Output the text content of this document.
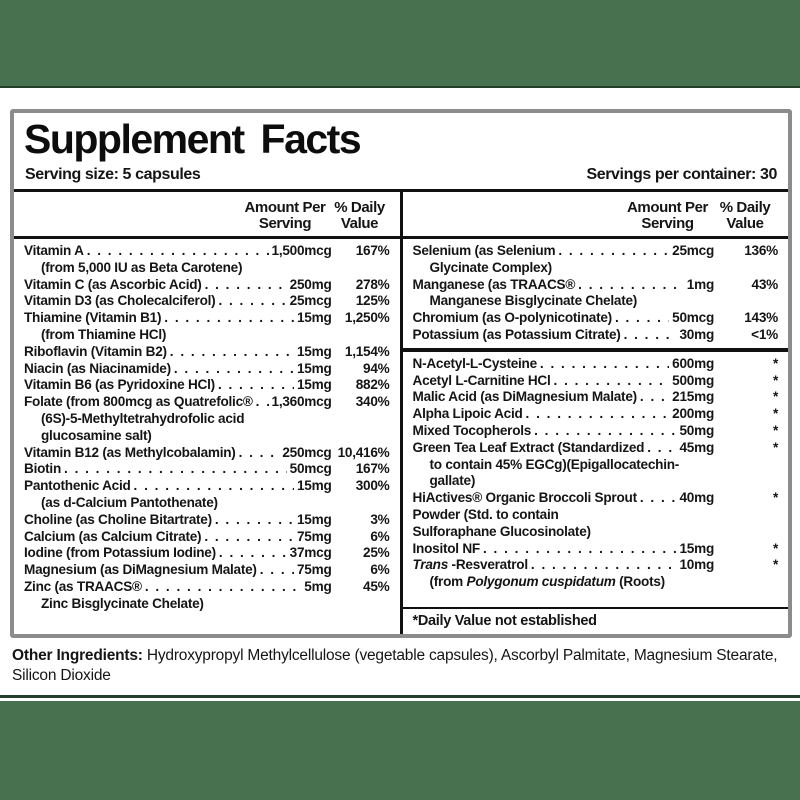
Supplement Facts
Serving size: 5 capsules	Servings per container: 30
Amount Per
Serving
% Daily
Value
Vitamin A . . .	1,500mcg	167%
(from 5,000 IU as Beta Carotene)
Vitamin C (as Ascorbic Acid) . . .	250mg	278%
Vitamin D3 (as Cholecalciferol) . . .	25mcg	125%
Thiamine (Vitamin B1) . . .	15mg 1,250%
(from Thiamine HCl)
Riboflavin (Vitamin B2) . . .	15mg 1,154%
Niacin (as Niacinamide) . . .	15mg	94%
Vitamin B6 (as Pyridoxine HCl) . . .	15mg	882%
Folate (from 800mcg as Quatrefolic® . . . 1,360mcg	340%
(6S)-5-Methyltetrahydrofolic acid
glucosamine salt)
Vitamin B12 (as Methylcobalamin) . . .	250mcg 10,416%
Biotin . . .	50mcg	167%
Pantothenic Acid . . .	15mg	300%
(as d-Calcium Pantothenate)
Choline (as Choline Bitartrate) . . .	15mg	3%
Calcium (as Calcium Citrate) . . .	75mg	6%
Iodine (from Potassium Iodine) . . .	37mcg	25%
Magnesium (as DiMagnesium Malate) . . .	75mg	6%
Zinc (as TRAACS® . . .	5mg	45%
Zinc Bisglycinate Chelate)
Amount Per
Serving
% Daily
Value
Selenium (as Selenium . . .	25mcg	136%
Glycinate Complex)
Manganese (as TRAACS® . . .	1mg	43%
Manganese Bisglycinate Chelate)
Chromium (as O-polynicotinate) . . .	50mcg	143%
Potassium (as Potassium Citrate) . . .	30mg	<1%
N-Acetyl-L-Cysteine . . .	600mg	*
Acetyl L-Carnitine HCl . . .	500mg	*
Malic Acid (as DiMagnesium Malate) . . .	215mg	*
Alpha Lipoic Acid . . .	200mg	*
Mixed Tocopherols . . .	50mg	*
Green Tea Leaf Extract (Standardized . . .	45mg	*
to contain 45% EGCg)(Epigallocatechin-
gallate)
HiActives® Organic Broccoli Sprout . . .	40mg	*
Powder (Std. to contain
Sulforaphane Glucosinolate)
Inositol NF . . .	15mg	*
Trans -Resveratrol . . .	10mg	*
(from Polygonum cuspidatum (Roots)
*Daily Value not established

Other Ingredients: Hydroxypropyl Methylcellulose (vegetable capsules), Ascorbyl Palmitate, Magnesium Stearate, Silicon Dioxide
